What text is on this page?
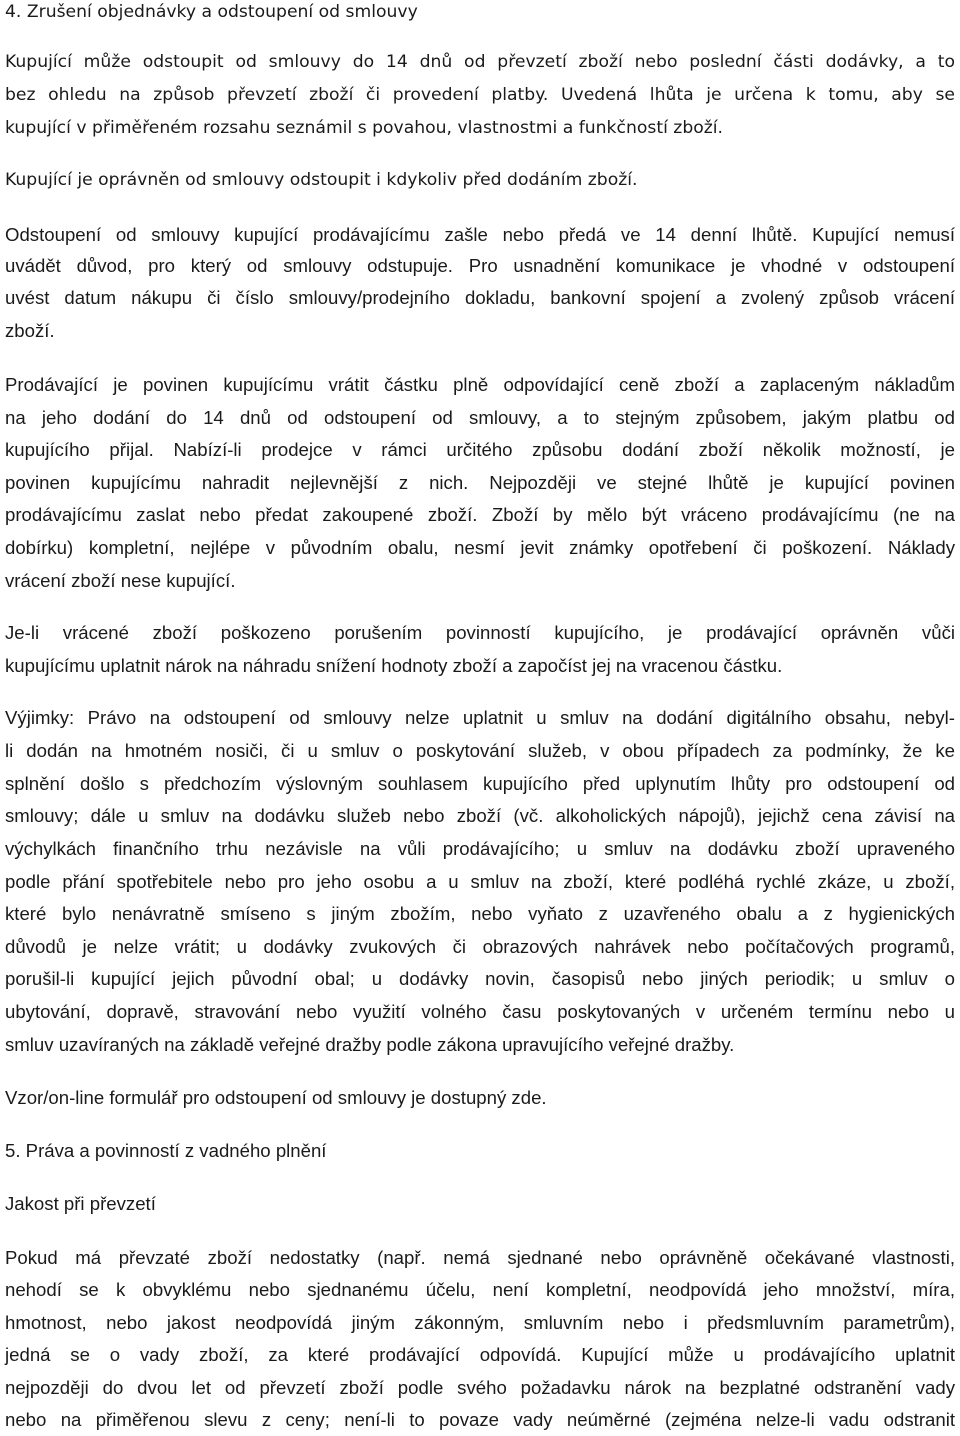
4. Zrušení objednávky a odstoupení od smlouvy
Kupující může odstoupit od smlouvy do 14 dnů od převzetí zboží nebo poslední části dodávky, a to
bez ohledu na způsob převzetí zboží či provedení platby. Uvedená lhůta je určena k tomu, aby se
kupující v přiměřeném rozsahu seznámil s povahou, vlastnostmi a funkčností zboží.
Kupující je oprávněn od smlouvy odstoupit i kdykoliv před dodáním zboží.
Odstoupení od smlouvy kupující prodávajícímu zašle nebo předá ve 14 denní lhůtě. Kupující nemusí
uvádět důvod, pro který od smlouvy odstupuje. Pro usnadnění komunikace je vhodné v odstoupení
uvést datum nákupu či číslo smlouvy/prodejního dokladu, bankovní spojení a zvolený způsob vrácení
zboží.
Prodávající je povinen kupujícímu vrátit částku plně odpovídající ceně zboží a zaplaceným nákladům
na jeho dodání do 14 dnů od odstoupení od smlouvy, a to stejným způsobem, jakým platbu od
kupujícího přijal. Nabízí-li prodejce v rámci určitého způsobu dodání zboží několik možností, je
povinen kupujícímu nahradit nejlevnější z nich. Nejpozději ve stejné lhůtě je kupující povinen
prodávajícímu zaslat nebo předat zakoupené zboží. Zboží by mělo být vráceno prodávajícímu (ne na
dobírku) kompletní, nejlépe v původním obalu, nesmí jevit známky opotřebení či poškození. Náklady
vrácení zboží nese kupující.
Je-li vrácené zboží poškozeno porušením povinností kupujícího, je prodávající oprávněn vůči
kupujícímu uplatnit nárok na náhradu snížení hodnoty zboží a započíst jej na vracenou částku.
Výjimky: Právo na odstoupení od smlouvy nelze uplatnit u smluv na dodání digitálního obsahu, nebyl-
li dodán na hmotném nosiči, či u smluv o poskytování služeb, v obou případech za podmínky, že ke
splnění došlo s předchozím výslovným souhlasem kupujícího před uplynutím lhůty pro odstoupení od
smlouvy; dále u smluv na dodávku služeb nebo zboží (vč. alkoholických nápojů), jejichž cena závisí na
výchylkách finančního trhu nezávisle na vůli prodávajícího; u smluv na dodávku zboží upraveného
podle přání spotřebitele nebo pro jeho osobu a u smluv na zboží, které podléhá rychlé zkáze, u zboží,
které bylo nenávratně smíseno s jiným zbožím, nebo vyňato z uzavřeného obalu a z hygienických
důvodů je nelze vrátit; u dodávky zvukových či obrazových nahrávek nebo počítačových programů,
porušil-li kupující jejich původní obal; u dodávky novin, časopisů nebo jiných periodik; u smluv o
ubytování, dopravě, stravování nebo využití volného času poskytovaných v určeném termínu nebo u
smluv uzavíraných na základě veřejné dražby podle zákona upravujícího veřejné dražby.
Vzor/on-line formulář pro odstoupení od smlouvy je dostupný zde.
5. Práva a povinností z vadného plnění
Jakost při převzetí
Pokud má převzaté zboží nedostatky (např. nemá sjednané nebo oprávněně očekávané vlastnosti,
nehodí se k obvyklému nebo sjednanému účelu, není kompletní, neodpovídá jeho množství, míra,
hmotnost, nebo jakost neodpovídá jiným zákonným, smluvním nebo i předsmluvním parametrům),
jedná se o vady zboží, za které prodávající odpovídá. Kupující může u prodávajícího uplatnit
nejpozději do dvou let od převzetí zboží podle svého požadavku nárok na bezplatné odstranění vady
nebo na přiměřenou slevu z ceny; není-li to povaze vady neúměrné (zejména nelze-li vadu odstranit
